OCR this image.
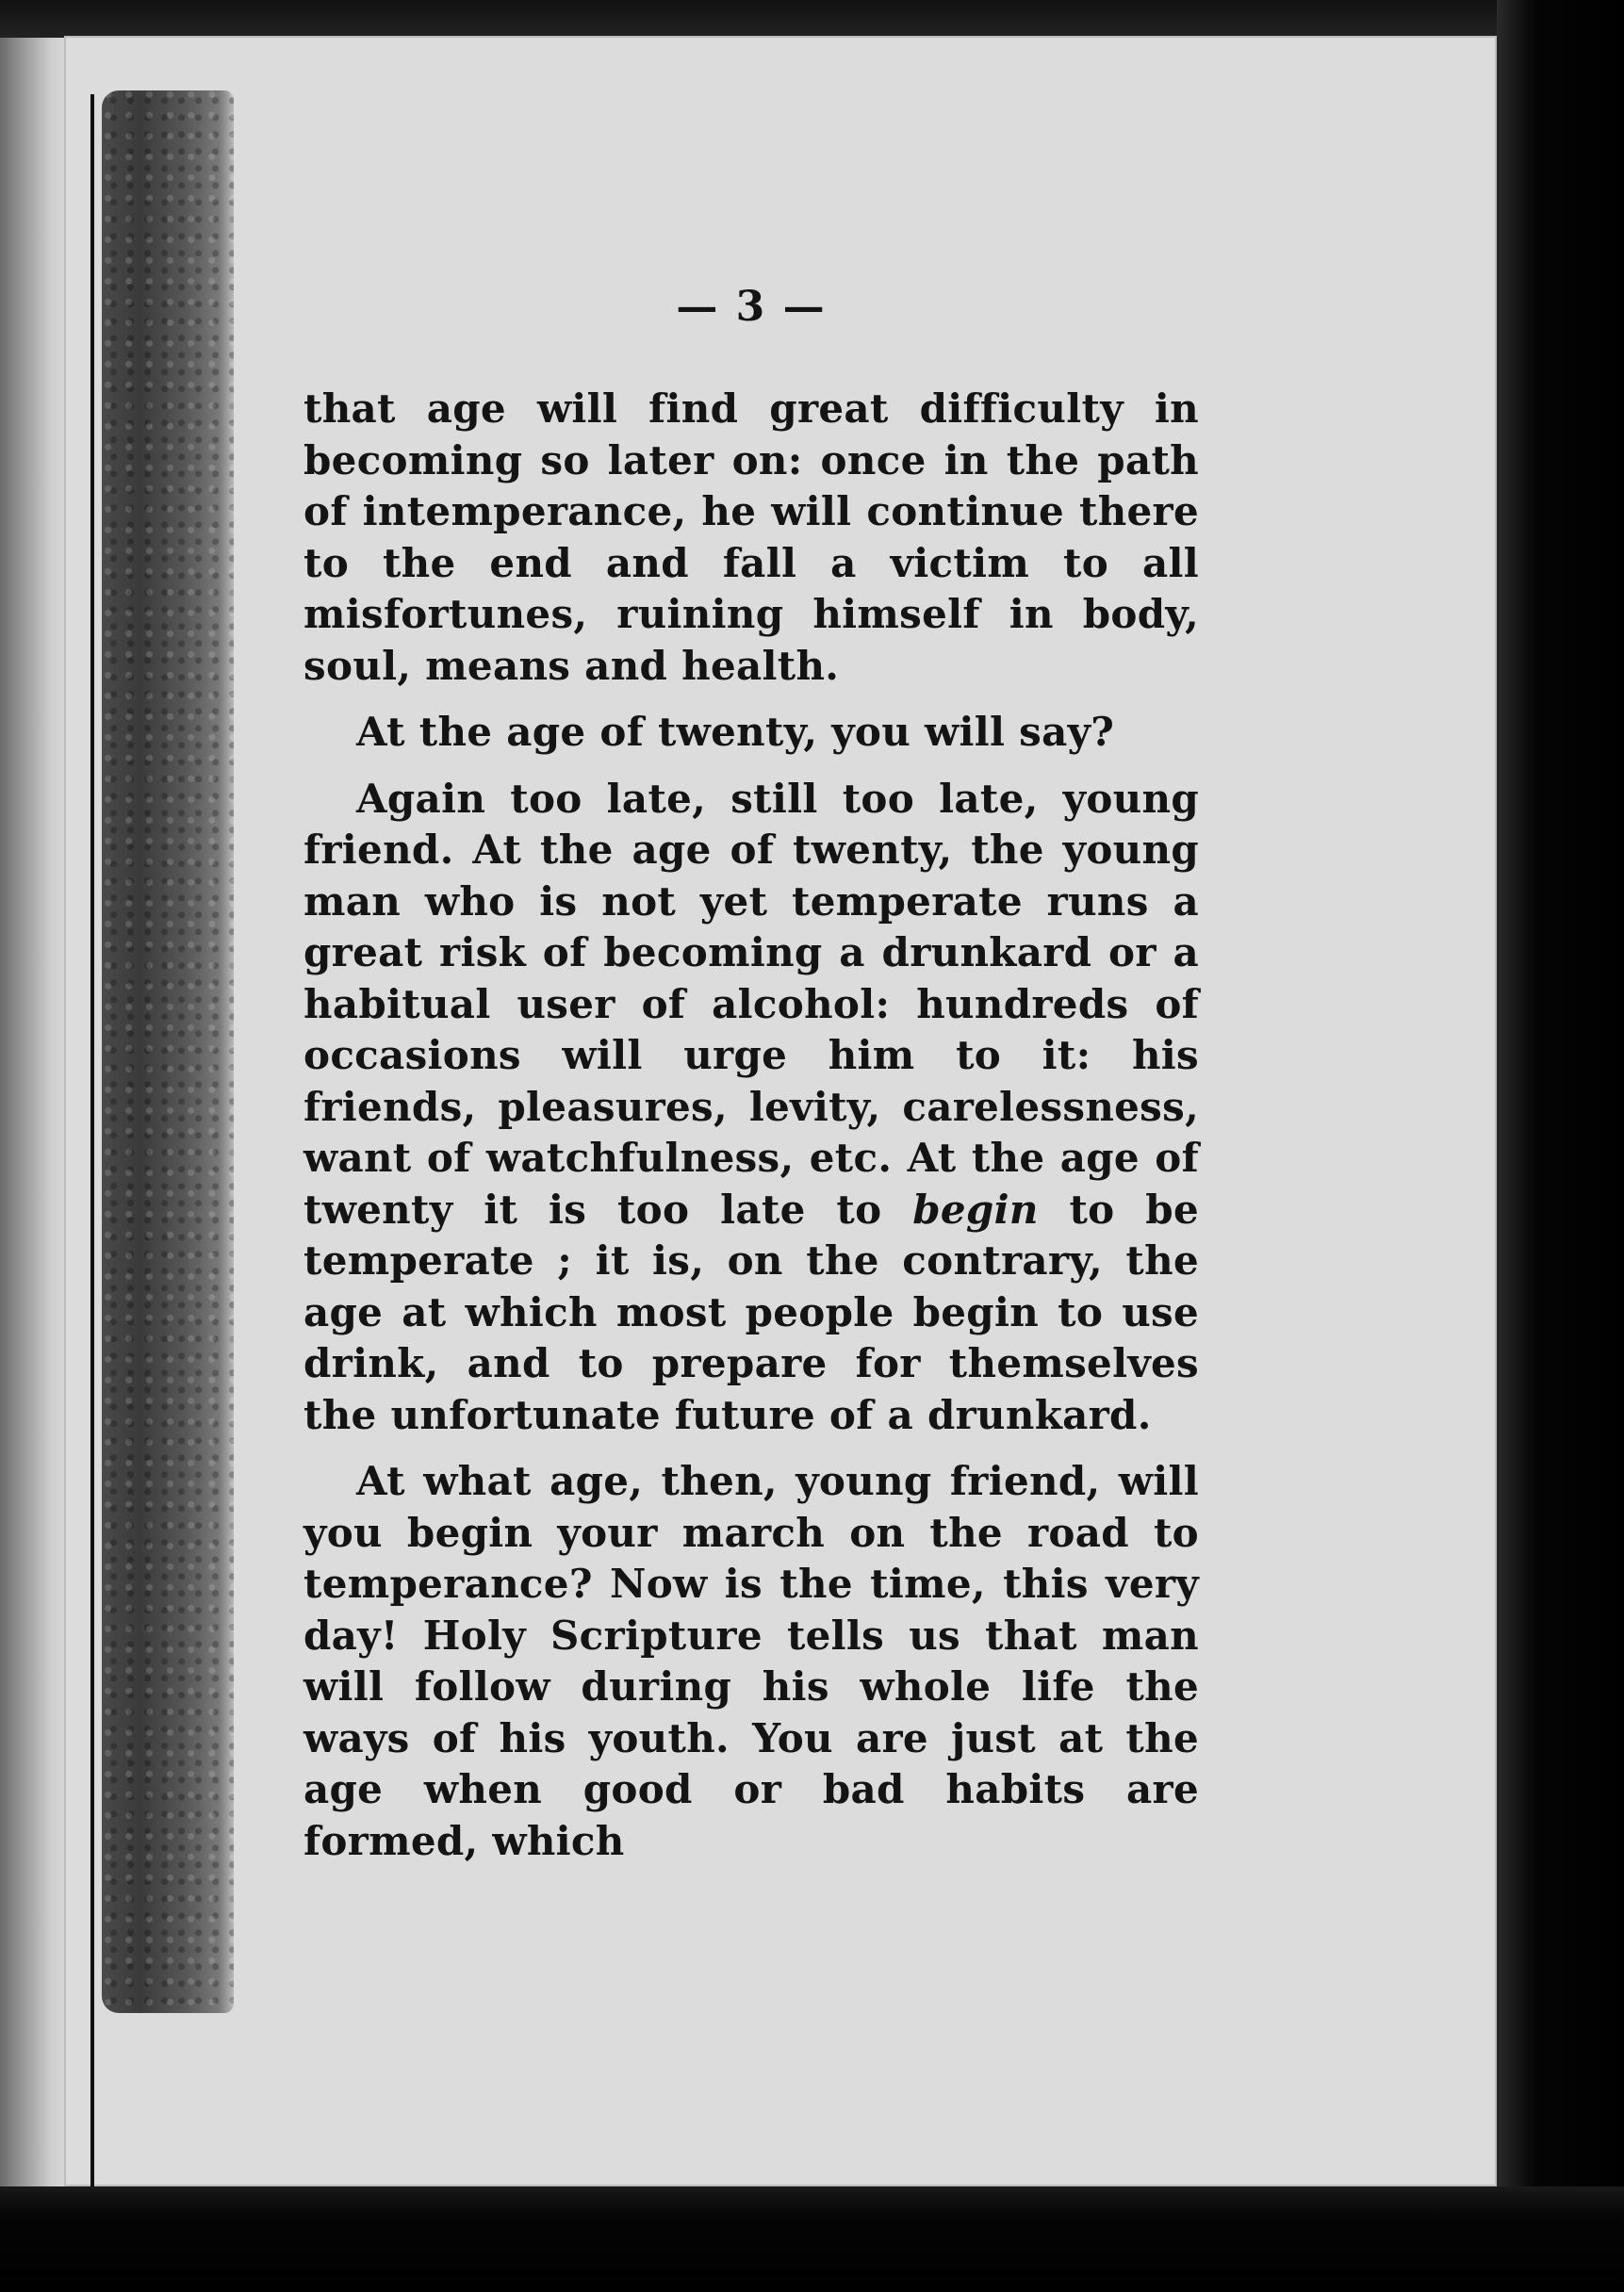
— 3 —

that age will find great difficulty in becoming so later on: once in the path of intemperance, he will continue there to the end and fall a victim to all misfortunes, ruining himself in body, soul, means and health.

At the age of twenty, you will say?

Again too late, still too late, young friend. At the age of twenty, the young man who is not yet temperate runs a great risk of becoming a drunkard or a habitual user of alcohol: hundreds of occasions will urge him to it: his friends, pleasures, levity, carelessness, want of watchfulness, etc. At the age of twenty it is too late to begin to be temperate ; it is, on the contrary, the age at which most people begin to use drink, and to prepare for themselves the unfortunate future of a drunkard.

At what age, then, young friend, will you begin your march on the road to temperance? Now is the time, this very day! Holy Scripture tells us that man will follow during his whole life the ways of his youth. You are just at the age when good or bad habits are formed, which
